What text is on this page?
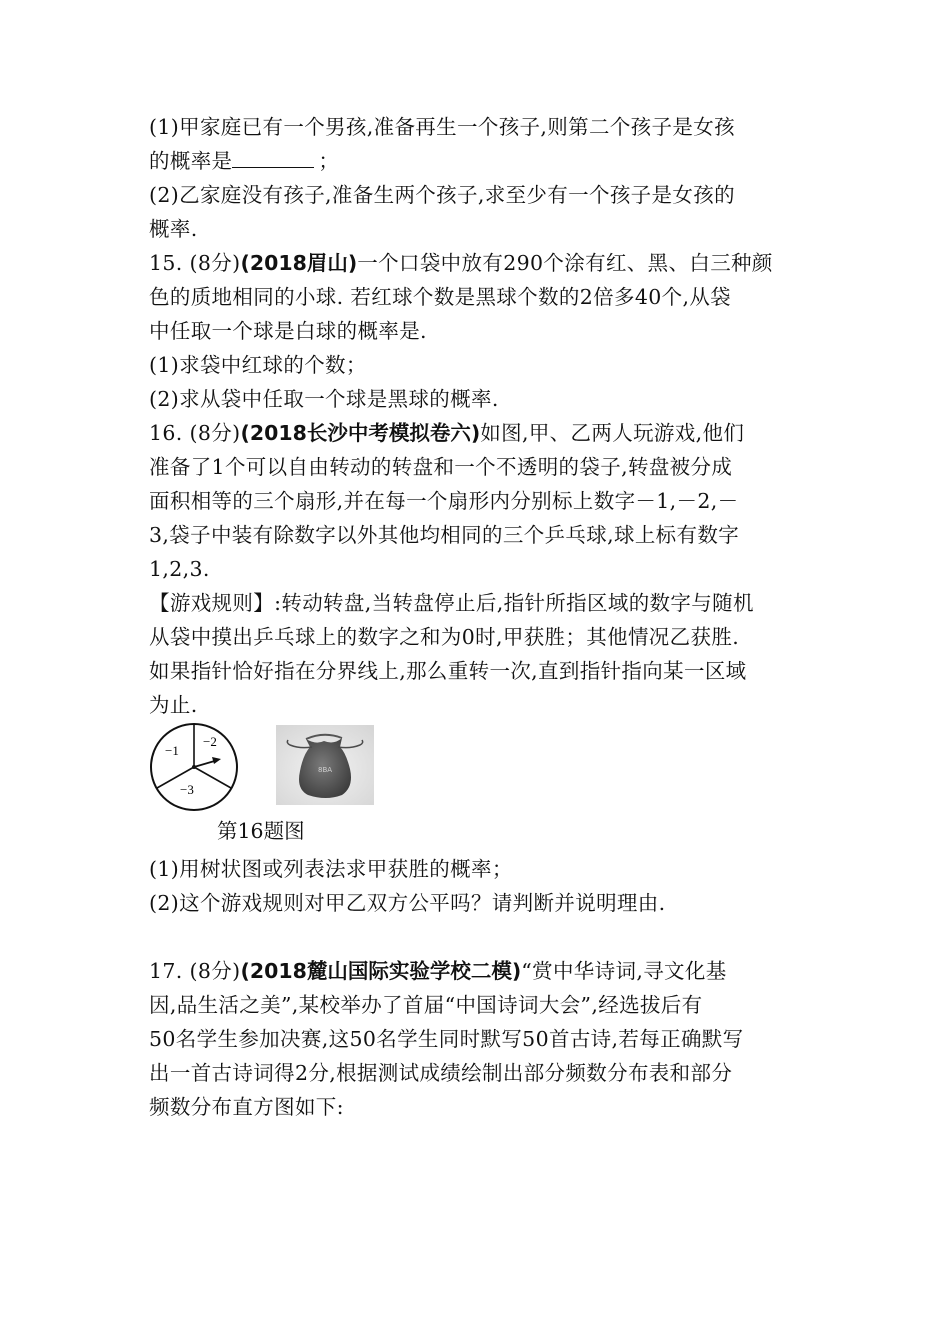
(1)甲家庭已有一个男孩,准备再生一个孩子,则第二个孩子是女孩
的概率是	；
(2)乙家庭没有孩子,准备生两个孩子,求至少有一个孩子是女孩的
概率.
15. (8分)(2018眉山)一个口袋中放有290个涂有红、黑、白三种颜
色的质地相同的小球. 若红球个数是黑球个数的2倍多40个,从袋
中任取一个球是白球的概率是.
(1)求袋中红球的个数；
(2)求从袋中任取一个球是黑球的概率.
16. (8分)(2018长沙中考模拟卷六)如图,甲、乙两人玩游戏,他们
准备了1个可以自由转动的转盘和一个不透明的袋子,转盘被分成
面积相等的三个扇形,并在每一个扇形内分别标上数字－1,－2,－
3,袋子中装有除数字以外其他均相同的三个乒乓球,球上标有数字
1,2,3.
【游戏规则】:转动转盘,当转盘停止后,指针所指区域的数字与随机
从袋中摸出乒乓球上的数字之和为0时,甲获胜；其他情况乙获胜.
如果指针恰好指在分界线上,那么重转一次,直到指针指向某一区域
为止.
−1
−2
−3
8BA
第16题图
(1)用树状图或列表法求甲获胜的概率；
(2)这个游戏规则对甲乙双方公平吗？请判断并说明理由.
17. (8分)(2018麓山国际实验学校二模)“赏中华诗词,寻文化基
因,品生活之美”,某校举办了首届“中国诗词大会”,经选拔后有
50名学生参加决赛,这50名学生同时默写50首古诗,若每正确默写
出一首古诗词得2分,根据测试成绩绘制出部分频数分布表和部分
频数分布直方图如下:
